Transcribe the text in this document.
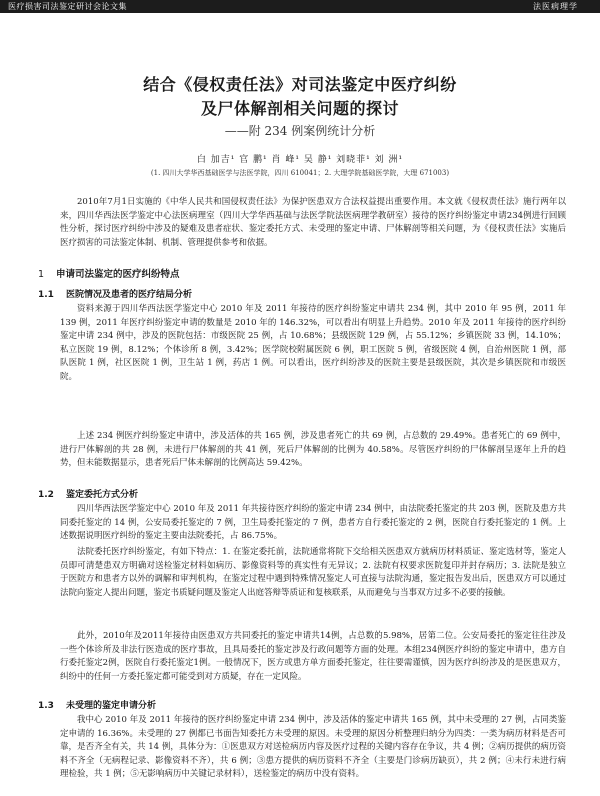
医疗损害司法鉴定研讨会论文集	法医病理学
结合《侵权责任法》对司法鉴定中医疗纠纷
及尸体解剖相关问题的探讨
——附 234 例案例统计分析
白 加吉¹ 官 鹏¹ 肖 峰¹ 吴 静¹ 刘晓菲¹ 刘 洲¹
(1. 四川大学华西基础医学与法医学院，四川 610041；2. 大理学院基础医学院，大理 671003)
2010年7月1日实施的《中华人民共和国侵权责任法》为保护医患双方合法权益提出重要作用。本文就《侵权责任法》施行两年以来，四川华西法医学鉴定中心法医病理室（四川大学华西基础与法医学院法医病理学教研室）接待的医疗纠纷鉴定申请234例进行回顾性分析，探讨医疗纠纷中涉及的疑难及患者症状、鉴定委托方式、未受理的鉴定申请、尸体解剖等相关问题，为《侵权责任法》实施后医疗损害的司法鉴定体制、机制、管理提供参考和依据。
1 申请司法鉴定的医疗纠纷特点
1.1 医院情况及患者的医疗结局分析
资料来源于四川华西法医学鉴定中心 2010 年及 2011 年接待的医疗纠纷鉴定申请共 234 例，其中 2010 年 95 例，2011 年 139 例，2011 年医疗纠纷鉴定申请的数量是 2010 年的 146.32%，可以看出有明显上升趋势。2010 年及 2011 年接待的医疗纠纷鉴定申请 234 例中，涉及的医院包括：市级医院 25 例，占 10.68%；县级医院 129 例，占 55.12%；乡镇医院 33 例，14.10%；私立医院 19 例，8.12%；个体诊所 8 例，3.42%；医学院校附属医院 6 例，职工医院 5 例，省级医院 4 例，自治州医院 1 例，部队医院 1 例，社区医院 1 例，卫生站 1 例，药店 1 例。可以看出，医疗纠纷涉及的医院主要是县级医院，其次是乡镇医院和市级医院。
上述 234 例医疗纠纷鉴定申请中，涉及活体的共 165 例，涉及患者死亡的共 69 例，占总数的 29.49%。患者死亡的 69 例中，进行尸体解剖的共 28 例，未进行尸体解剖的共 41 例，死后尸体解剖的比例为 40.58%。尽管医疗纠纷的尸体解剖呈逐年上升的趋势，但未能数据显示，患者死后尸体未解剖的比例高达 59.42%。
1.2 鉴定委托方式分析
四川华西法医学鉴定中心 2010 年及 2011 年共接待医疗纠纷的鉴定申请 234 例中，由法院委托鉴定的共 203 例，医院及患方共同委托鉴定的 14 例，公安局委托鉴定的 7 例，卫生局委托鉴定的 7 例，患者方自行委托鉴定的 2 例，医院自行委托鉴定的 1 例。上述数据说明医疗纠纷的鉴定主要由法院委托，占 86.75%。
法院委托医疗纠纷鉴定，有如下特点：1. 在鉴定委托前，法院通常将院下交给相关医患双方就病历材料质证、鉴定选材等，鉴定人员即可清楚患双方明确对送检鉴定材料如病历、影像资料等的真实性有无异议；2. 法院有权要求医院复印并封存病历；3. 法院是独立于医院方和患者方以外的调解和审判机构，在鉴定过程中遇到特殊情况鉴定人可直接与法院沟通，鉴定报告发出后，医患双方可以通过法院向鉴定人提出问题，鉴定书质疑问题及鉴定人出庭答辩等质证和复核联系，从而避免与当事双方过多不必要的接触。
此外，2010年及2011年接待由医患双方共同委托的鉴定申请共14例，占总数的5.98%，居第二位。公安局委托的鉴定往往涉及一些个体诊所及非法行医造成的医疗事故，且具局委托的鉴定涉及行政问题等方面的处理。本组234例医疗纠纷的鉴定申请中，患方自行委托鉴定2例，医院自行委托鉴定1例。一般情况下，医方或患方单方面委托鉴定，往往要需谨慎，因为医疗纠纷涉及的是医患双方，纠纷中的任何一方委托鉴定都可能受到对方质疑，存在一定风险。
1.3 未受理的鉴定申请分析
我中心 2010 年及 2011 年接待的医疗纠纷鉴定申请 234 例中，涉及活体的鉴定申请共 165 例，其中未受理的 27 例，占同类鉴定申请的 16.36%。未受理的 27 例都已书面告知委托方未受理的原因。未受理的原因分析整理归纳分为四类：一类为病历材料是否可靠，是否齐全有关，共 14 例，具体分为：①医患双方对送检病历内容及医疗过程的关键内容存在争议，共 4 例；②病历提供的病历资料不齐全（无病程记录、影像资料不齐），共 6 例；③患方提供的病历资料不齐全（主要是门诊病历缺页），共 2 例；④未行未进行病理检验，共 1 例；⑤无影响病历中关键记录材料），送检鉴定的病历中没有资料。
